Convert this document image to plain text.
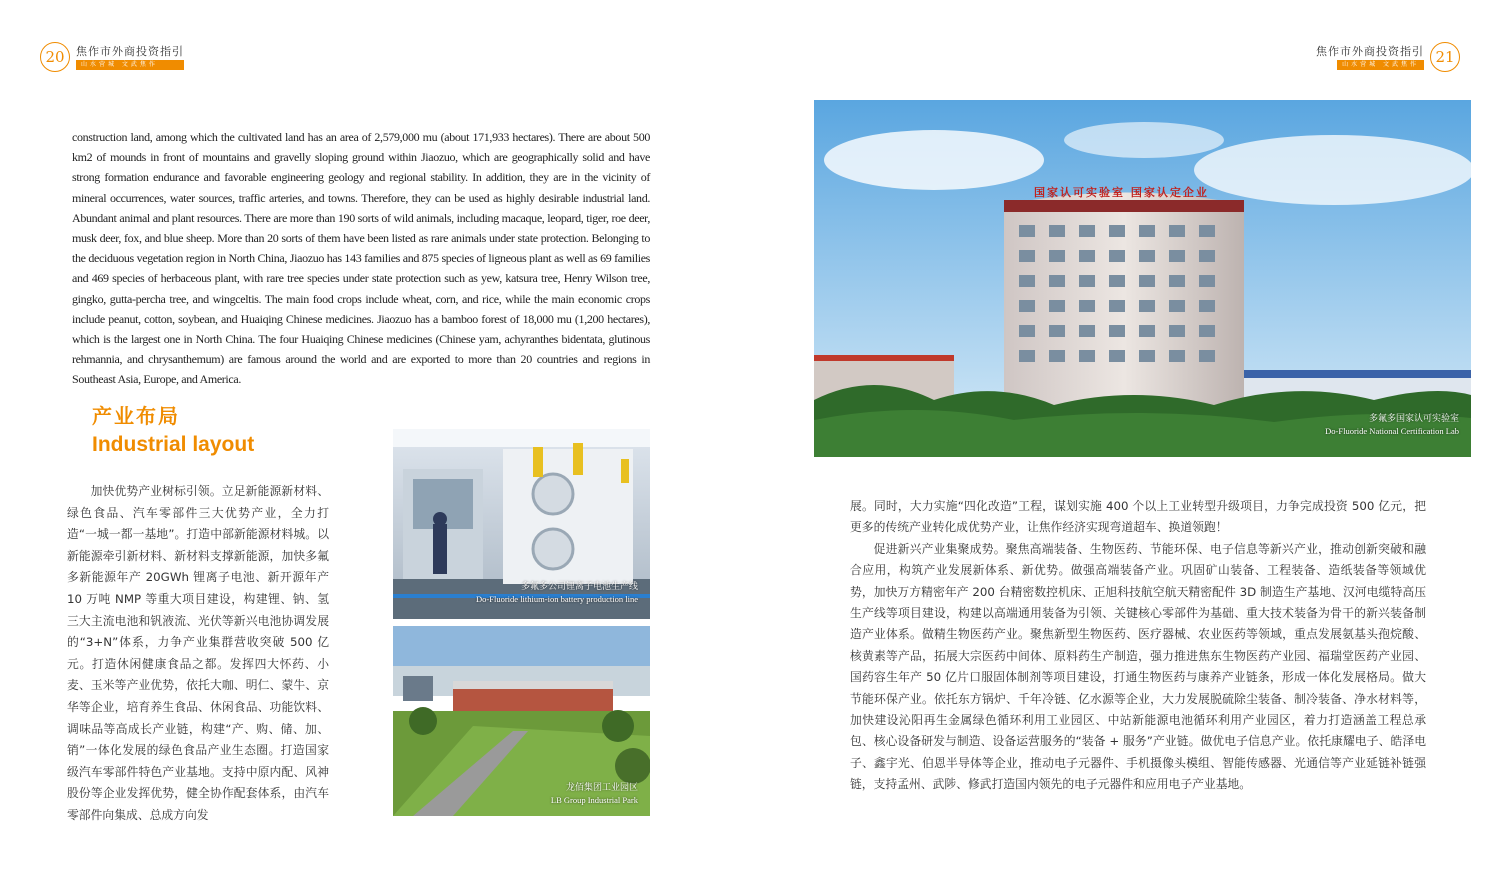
20	焦作市外商投资指引
山水营城 文武焦作	21
焦作市外商投资指引
山水营城 文武焦作

construction land, among which the cultivated land has an area of 2,579,000 mu (about 171,933 hectares). There are about 500 km2 of mounds in front of mountains and gravelly sloping ground within Jiaozuo, which are geographically solid and have strong formation endurance and favorable engineering geology and regional stability. In addition, they are in the vicinity of mineral occurrences, water sources, traffic arteries, and towns. Therefore, they can be used as highly desirable industrial land. Abundant animal and plant resources. There are more than 190 sorts of wild animals, including macaque, leopard, tiger, roe deer, musk deer, fox, and blue sheep. More than 20 sorts of them have been listed as rare animals under state protection. Belonging to the deciduous vegetation region in North China, Jiaozuo has 143 families and 875 species of ligneous plant as well as 69 families and 469 species of herbaceous plant, with rare tree species under state protection such as yew, katsura tree, Henry Wilson tree, gingko, gutta-percha tree, and wingceltis. The main food crops include wheat, corn, and rice, while the main economic crops include peanut, cotton, soybean, and Huaiqing Chinese medicines. Jiaozuo has a bamboo forest of 18,000 mu (1,200 hectares), which is the largest one in North China. The four Huaiqing Chinese medicines (Chinese yam, achyranthes bidentata, glutinous rehmannia, and chrysanthemum) are famous around the world and are exported to more than 20 countries and regions in Southeast Asia, Europe, and America.

产业布局
Industrial layout

加快优势产业树标引领。立足新能源新材料、绿色食品、汽车零部件三大优势产业，全力打造“一城一都一基地”。打造中部新能源材料城。以新能源牵引新材料、新材料支撑新能源，加快多氟多新能源年产 20GWh 锂离子电池、新开源年产 10 万吨 NMP 等重大项目建设，构建锂、钠、氢三大主流电池和钒液流、光伏等新兴电池协调发展的“3+N”体系，力争产业集群营收突破 500 亿元。打造休闲健康食品之都。发挥四大怀药、小麦、玉米等产业优势，依托大咖、明仁、蒙牛、京华等企业，培育养生食品、休闲食品、功能饮料、调味品等高成长产业链，构建“产、购、储、加、销”一体化发展的绿色食品产业生态圈。打造国家级汽车零部件特色产业基地。支持中原内配、风神股份等企业发挥优势，健全协作配套体系，由汽车零部件向集成、总成方向发

多氟多公司锂离子电池生产线
Do-Fluoride lithium-ion battery production line
龙佰集团工业园区
LB Group Industrial Park
国家认可实验室 国家认定企业
多氟多国家认可实验室
Do-Fluoride National Certification Lab

展。同时，大力实施“四化改造”工程，谋划实施 400 个以上工业转型升级项目，力争完成投资 500 亿元，把更多的传统产业转化成优势产业，让焦作经济实现弯道超车、换道领跑！

促进新兴产业集聚成势。聚焦高端装备、生物医药、节能环保、电子信息等新兴产业，推动创新突破和融合应用，构筑产业发展新体系、新优势。做强高端装备产业。巩固矿山装备、工程装备、造纸装备等领域优势，加快万方精密年产 200 台精密数控机床、正旭科技航空航天精密配件 3D 制造生产基地、汉河电缆特高压生产线等项目建设，构建以高端通用装备为引领、关键核心零部件为基础、重大技术装备为骨干的新兴装备制造产业体系。做精生物医药产业。聚焦新型生物医药、医疗器械、农业医药等领域，重点发展氨基头孢烷酸、核黄素等产品，拓展大宗医药中间体、原料药生产制造，强力推进焦东生物医药产业园、福瑞堂医药产业园、国药容生年产 50 亿片口服固体制剂等项目建设，打通生物医药与康养产业链条，形成一体化发展格局。做大节能环保产业。依托东方锅炉、千年冷链、亿水源等企业，大力发展脱硫除尘装备、制冷装备、净水材料等，加快建设沁阳再生金属绿色循环利用工业园区、中站新能源电池循环利用产业园区，着力打造涵盖工程总承包、核心设备研发与制造、设备运营服务的“装备 + 服务”产业链。做优电子信息产业。依托康耀电子、皓泽电子、鑫宇光、伯恩半导体等企业，推动电子元器件、手机摄像头模组、智能传感器、光通信等产业延链补链强链，支持孟州、武陟、修武打造国内领先的电子元器件和应用电子产业基地。
